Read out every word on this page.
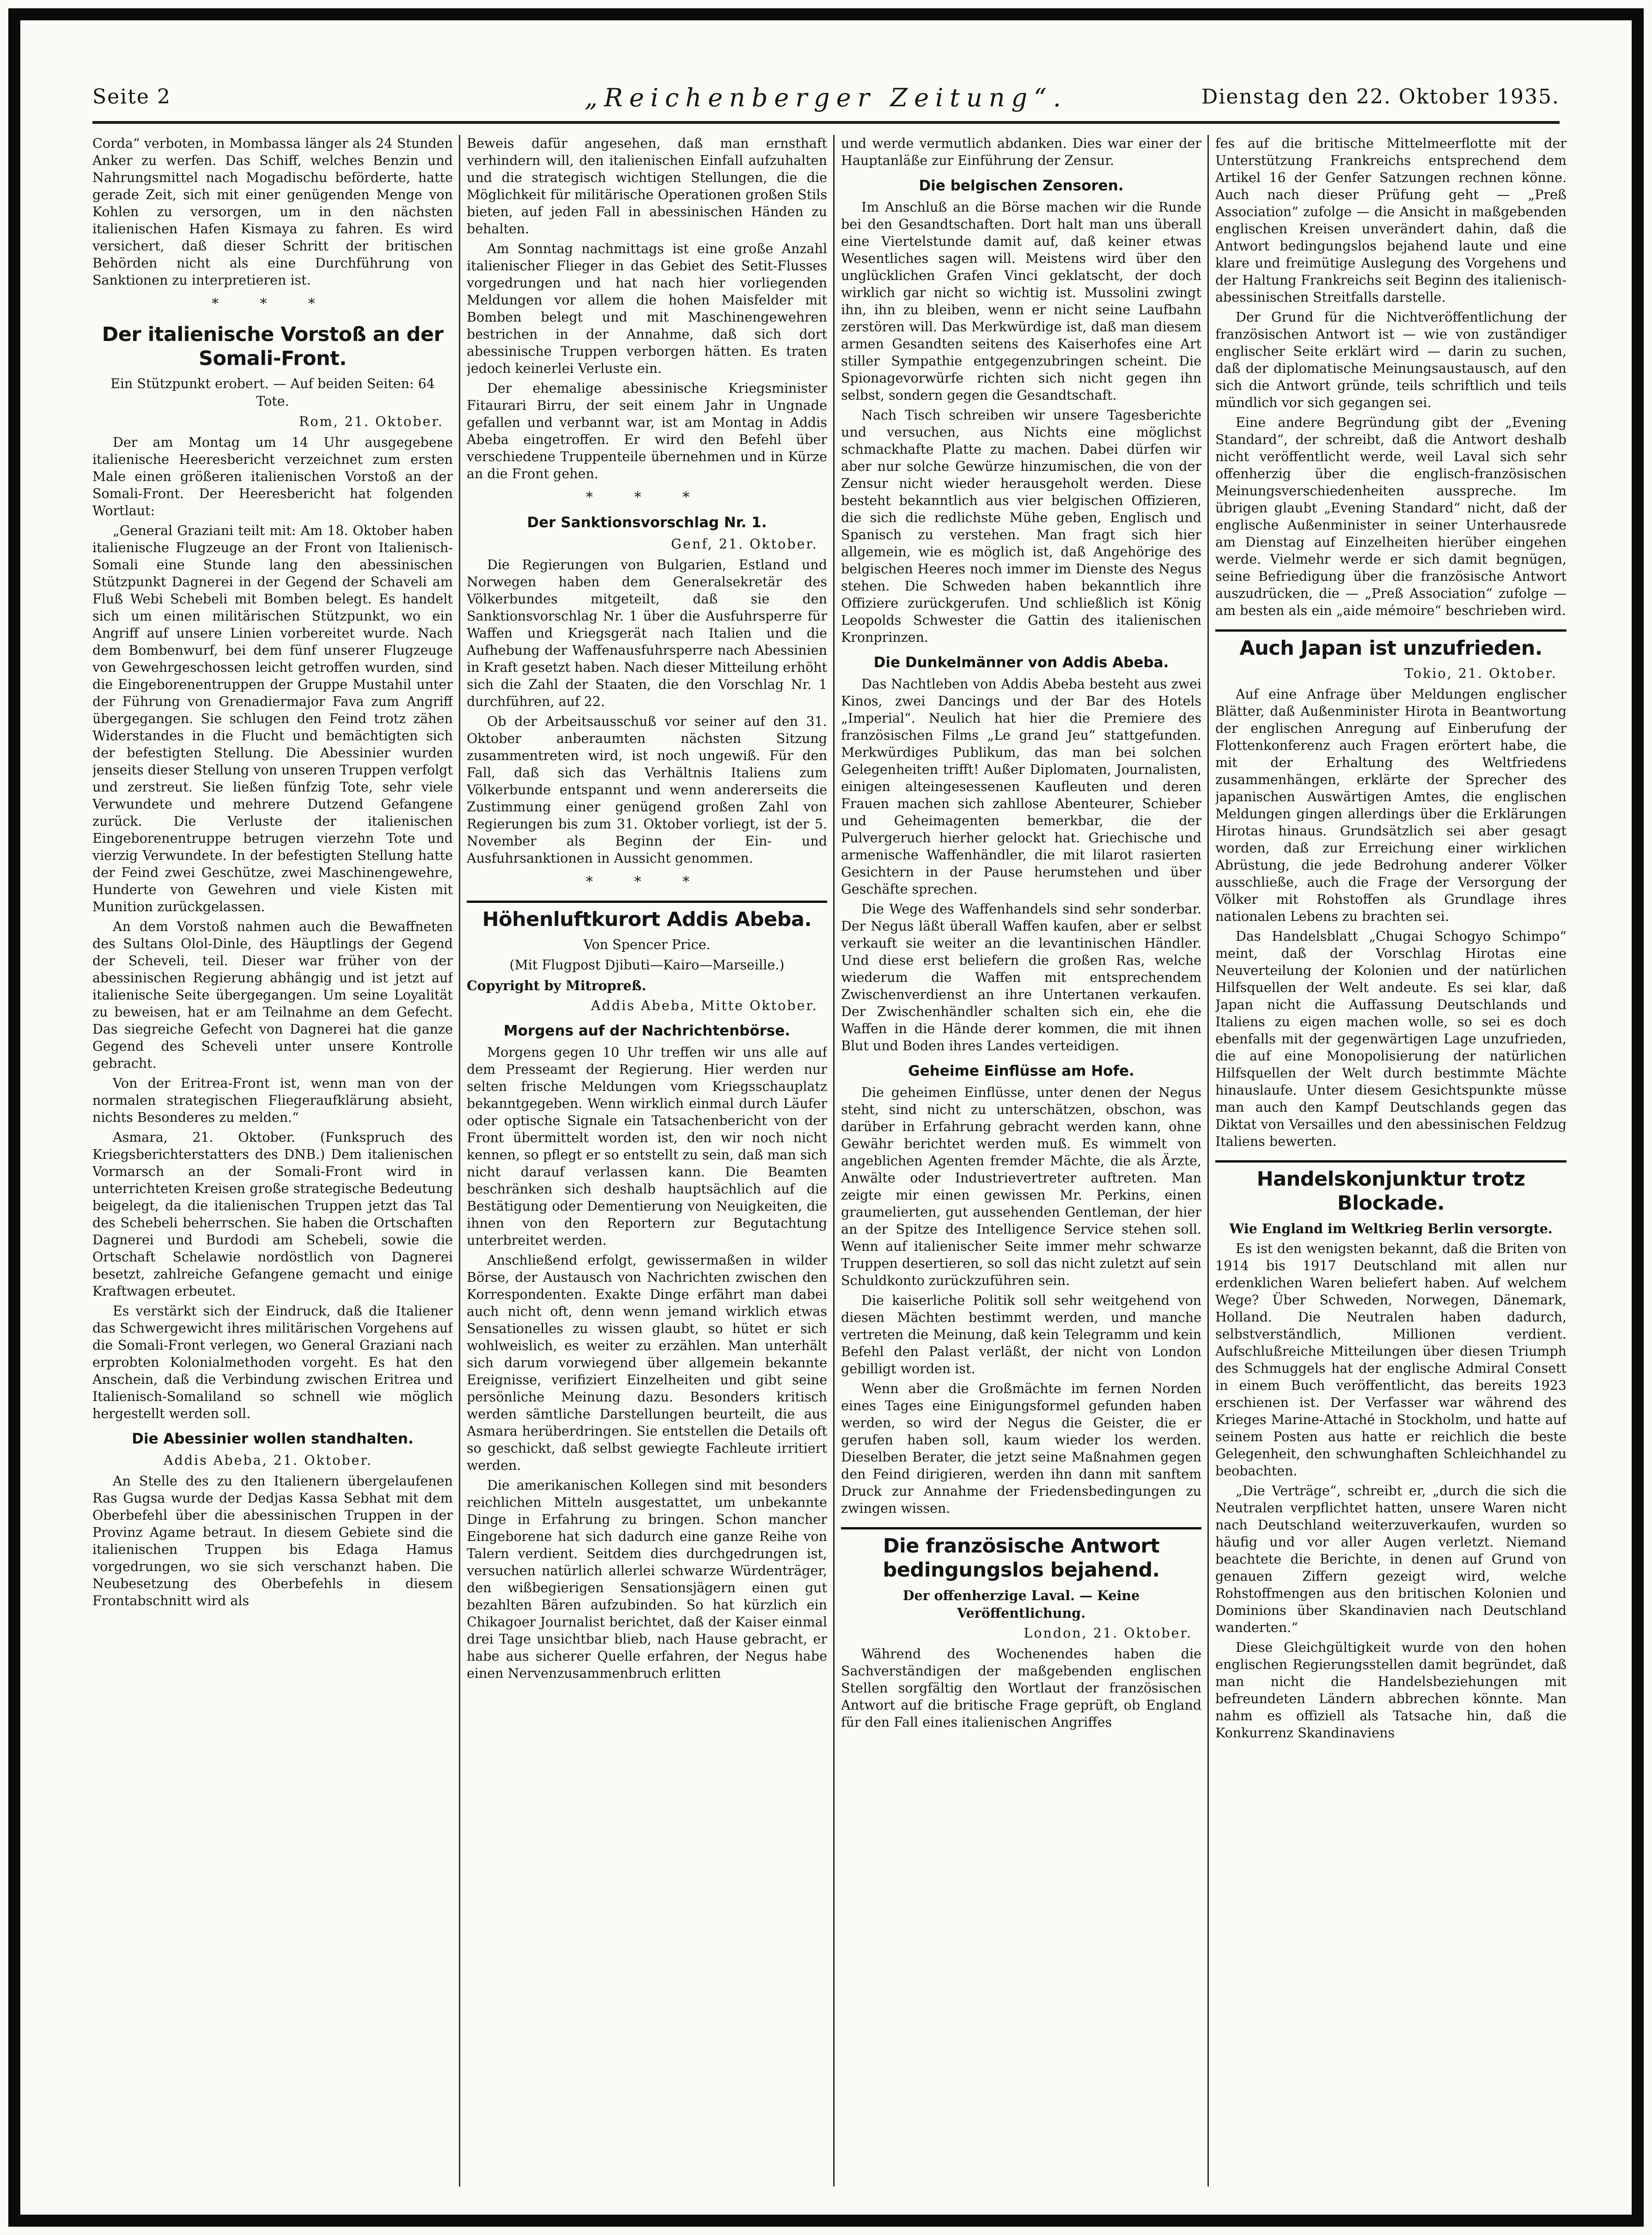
Seite 2	„Reichenberger Zeitung“.	Dienstag den 22. Oktober 1935.

Corda“ verboten, in Mombassa länger als 24 Stunden Anker zu werfen. Das Schiff, welches Benzin und Nahrungsmittel nach Mogadischu beförderte, hatte gerade Zeit, sich mit einer genügenden Menge von Kohlen zu versorgen, um in den nächsten italienischen Hafen Kismaya zu fahren. Es wird versichert, daß dieser Schritt der britischen Behörden nicht als eine Durchführung von Sanktionen zu interpretieren ist.

* * *
Der italienische Vorstoß an der Somali-Front.
Ein Stützpunkt erobert. — Auf beiden Seiten: 64 Tote.
Rom, 21. Oktober.

Der am Montag um 14 Uhr ausgegebene italienische Heeresbericht verzeichnet zum ersten Male einen größeren italienischen Vorstoß an der Somali-Front. Der Heeresbericht hat folgenden Wortlaut:

„General Graziani teilt mit: Am 18. Oktober haben italienische Flugzeuge an der Front von Italienisch-Somali eine Stunde lang den abessinischen Stützpunkt Dagnerei in der Gegend der Schaveli am Fluß Webi Schebeli mit Bomben belegt. Es handelt sich um einen militärischen Stützpunkt, wo ein Angriff auf unsere Linien vorbereitet wurde. Nach dem Bombenwurf, bei dem fünf unserer Flugzeuge von Gewehrgeschossen leicht getroffen wurden, sind die Eingeborenentruppen der Gruppe Mustahil unter der Führung von Grenadiermajor Fava zum Angriff übergegangen. Sie schlugen den Feind trotz zähen Widerstandes in die Flucht und bemächtigten sich der befestigten Stellung. Die Abessinier wurden jenseits dieser Stellung von unseren Truppen verfolgt und zerstreut. Sie ließen fünfzig Tote, sehr viele Verwundete und mehrere Dutzend Gefangene zurück. Die Verluste der italienischen Eingeborenentruppe betrugen vierzehn Tote und vierzig Verwundete. In der befestigten Stellung hatte der Feind zwei Geschütze, zwei Maschinengewehre, Hunderte von Gewehren und viele Kisten mit Munition zurückgelassen.

An dem Vorstoß nahmen auch die Bewaffneten des Sultans Olol-Dinle, des Häuptlings der Gegend der Scheveli, teil. Dieser war früher von der abessinischen Regierung abhängig und ist jetzt auf italienische Seite übergegangen. Um seine Loyalität zu beweisen, hat er am Teilnahme an dem Gefecht. Das siegreiche Gefecht von Dagnerei hat die ganze Gegend des Scheveli unter unsere Kontrolle gebracht.

Von der Eritrea-Front ist, wenn man von der normalen strategischen Fliegeraufklärung absieht, nichts Besonderes zu melden.“

Asmara, 21. Oktober. (Funkspruch des Kriegsberichterstatters des DNB.) Dem italienischen Vormarsch an der Somali-Front wird in unterrichteten Kreisen große strategische Bedeutung beigelegt, da die italienischen Truppen jetzt das Tal des Schebeli beherrschen. Sie haben die Ortschaften Dagnerei und Burdodi am Schebeli, sowie die Ortschaft Schelawie nordöstlich von Dagnerei besetzt, zahlreiche Gefangene gemacht und einige Kraftwagen erbeutet.

Es verstärkt sich der Eindruck, daß die Italiener das Schwergewicht ihres militärischen Vorgehens auf die Somali-Front verlegen, wo General Graziani nach erprobten Kolonialmethoden vorgeht. Es hat den Anschein, daß die Verbindung zwischen Eritrea und Italienisch-Somaliland so schnell wie möglich hergestellt werden soll.

Die Abessinier wollen standhalten.
Addis Abeba, 21. Oktober.

An Stelle des zu den Italienern übergelaufenen Ras Gugsa wurde der Dedjas Kassa Sebhat mit dem Oberbefehl über die abessinischen Truppen in der Provinz Agame betraut. In diesem Gebiete sind die italienischen Truppen bis Edaga Hamus vorgedrungen, wo sie sich verschanzt haben. Die Neubesetzung des Oberbefehls in diesem Frontabschnitt wird als

Beweis dafür angesehen, daß man ernsthaft verhindern will, den italienischen Einfall aufzuhalten und die strategisch wichtigen Stellungen, die die Möglichkeit für militärische Operationen großen Stils bieten, auf jeden Fall in abessinischen Händen zu behalten.

Am Sonntag nachmittags ist eine große Anzahl italienischer Flieger in das Gebiet des Setit-Flusses vorgedrungen und hat nach hier vorliegenden Meldungen vor allem die hohen Maisfelder mit Bomben belegt und mit Maschinengewehren bestrichen in der Annahme, daß sich dort abessinische Truppen verborgen hätten. Es traten jedoch keinerlei Verluste ein.

Der ehemalige abessinische Kriegsminister Fitaurari Birru, der seit einem Jahr in Ungnade gefallen und verbannt war, ist am Montag in Addis Abeba eingetroffen. Er wird den Befehl über verschiedene Truppenteile übernehmen und in Kürze an die Front gehen.

* * *
Der Sanktionsvorschlag Nr. 1.
Genf, 21. Oktober.

Die Regierungen von Bulgarien, Estland und Norwegen haben dem Generalsekretär des Völkerbundes mitgeteilt, daß sie den Sanktionsvorschlag Nr. 1 über die Ausfuhrsperre für Waffen und Kriegsgerät nach Italien und die Aufhebung der Waffenausfuhrsperre nach Abessinien in Kraft gesetzt haben. Nach dieser Mitteilung erhöht sich die Zahl der Staaten, die den Vorschlag Nr. 1 durchführen, auf 22.

Ob der Arbeitsausschuß vor seiner auf den 31. Oktober anberaumten nächsten Sitzung zusammentreten wird, ist noch ungewiß. Für den Fall, daß sich das Verhältnis Italiens zum Völkerbunde entspannt und wenn andererseits die Zustimmung einer genügend großen Zahl von Regierungen bis zum 31. Oktober vorliegt, ist der 5. November als Beginn der Ein- und Ausfuhrsanktionen in Aussicht genommen.

* * *
Höhenluftkurort Addis Abeba.
Von Spencer Price.
(Mit Flugpost Djibuti—Kairo—Marseille.)
Copyright by Mitropreß.
Addis Abeba, Mitte Oktober.
Morgens auf der Nachrichtenbörse.

Morgens gegen 10 Uhr treffen wir uns alle auf dem Presseamt der Regierung. Hier werden nur selten frische Meldungen vom Kriegsschauplatz bekanntgegeben. Wenn wirklich einmal durch Läufer oder optische Signale ein Tatsachenbericht von der Front übermittelt worden ist, den wir noch nicht kennen, so pflegt er so entstellt zu sein, daß man sich nicht darauf verlassen kann. Die Beamten beschränken sich deshalb hauptsächlich auf die Bestätigung oder Dementierung von Neuigkeiten, die ihnen von den Reportern zur Begutachtung unterbreitet werden.

Anschließend erfolgt, gewissermaßen in wilder Börse, der Austausch von Nachrichten zwischen den Korrespondenten. Exakte Dinge erfährt man dabei auch nicht oft, denn wenn jemand wirklich etwas Sensationelles zu wissen glaubt, so hütet er sich wohlweislich, es weiter zu erzählen. Man unterhält sich darum vorwiegend über allgemein bekannte Ereignisse, verifiziert Einzelheiten und gibt seine persönliche Meinung dazu. Besonders kritisch werden sämtliche Darstellungen beurteilt, die aus Asmara herüberdringen. Sie entstellen die Details oft so geschickt, daß selbst gewiegte Fachleute irritiert werden.

Die amerikanischen Kollegen sind mit besonders reichlichen Mitteln ausgestattet, um unbekannte Dinge in Erfahrung zu bringen. Schon mancher Eingeborene hat sich dadurch eine ganze Reihe von Talern verdient. Seitdem dies durchgedrungen ist, versuchen natürlich allerlei schwarze Würdenträger, den wißbegierigen Sensationsjägern einen gut bezahlten Bären aufzubinden. So hat kürzlich ein Chikagoer Journalist berichtet, daß der Kaiser einmal drei Tage unsichtbar blieb, nach Hause gebracht, er habe aus sicherer Quelle erfahren, der Negus habe einen Nervenzusammenbruch erlitten

und werde vermutlich abdanken. Dies war einer der Hauptanläße zur Einführung der Zensur.

Die belgischen Zensoren.

Im Anschluß an die Börse machen wir die Runde bei den Gesandtschaften. Dort halt man uns überall eine Viertelstunde damit auf, daß keiner etwas Wesentliches sagen will. Meistens wird über den unglücklichen Grafen Vinci geklatscht, der doch wirklich gar nicht so wichtig ist. Mussolini zwingt ihn, ihn zu bleiben, wenn er nicht seine Laufbahn zerstören will. Das Merkwürdige ist, daß man diesem armen Gesandten seitens des Kaiserhofes eine Art stiller Sympathie entgegenzubringen scheint. Die Spionagevorwürfe richten sich nicht gegen ihn selbst, sondern gegen die Gesandtschaft.

Nach Tisch schreiben wir unsere Tagesberichte und versuchen, aus Nichts eine möglichst schmackhafte Platte zu machen. Dabei dürfen wir aber nur solche Gewürze hinzumischen, die von der Zensur nicht wieder herausgeholt werden. Diese besteht bekanntlich aus vier belgischen Offizieren, die sich die redlichste Mühe geben, Englisch und Spanisch zu verstehen. Man fragt sich hier allgemein, wie es möglich ist, daß Angehörige des belgischen Heeres noch immer im Dienste des Negus stehen. Die Schweden haben bekanntlich ihre Offiziere zurückgerufen. Und schließlich ist König Leopolds Schwester die Gattin des italienischen Kronprinzen.

Die Dunkelmänner von Addis Abeba.

Das Nachtleben von Addis Abeba besteht aus zwei Kinos, zwei Dancings und der Bar des Hotels „Imperial“. Neulich hat hier die Premiere des französischen Films „Le grand Jeu“ stattgefunden. Merkwürdiges Publikum, das man bei solchen Gelegenheiten trifft! Außer Diplomaten, Journalisten, einigen alteingesessenen Kaufleuten und deren Frauen machen sich zahllose Abenteurer, Schieber und Geheimagenten bemerkbar, die der Pulvergeruch hierher gelockt hat. Griechische und armenische Waffenhändler, die mit lilarot rasierten Gesichtern in der Pause herumstehen und über Geschäfte sprechen.

Die Wege des Waffenhandels sind sehr sonderbar. Der Negus läßt überall Waffen kaufen, aber er selbst verkauft sie weiter an die levantinischen Händler. Und diese erst beliefern die großen Ras, welche wiederum die Waffen mit entsprechendem Zwischenverdienst an ihre Untertanen verkaufen. Der Zwischenhändler schalten sich ein, ehe die Waffen in die Hände derer kommen, die mit ihnen Blut und Boden ihres Landes verteidigen.

Geheime Einflüsse am Hofe.

Die geheimen Einflüsse, unter denen der Negus steht, sind nicht zu unterschätzen, obschon, was darüber in Erfahrung gebracht werden kann, ohne Gewähr berichtet werden muß. Es wimmelt von angeblichen Agenten fremder Mächte, die als Ärzte, Anwälte oder Industrievertreter auftreten. Man zeigte mir einen gewissen Mr. Perkins, einen graumelierten, gut aussehenden Gentleman, der hier an der Spitze des Intelligence Service stehen soll. Wenn auf italienischer Seite immer mehr schwarze Truppen desertieren, so soll das nicht zuletzt auf sein Schuldkonto zurückzuführen sein.

Die kaiserliche Politik soll sehr weitgehend von diesen Mächten bestimmt werden, und manche vertreten die Meinung, daß kein Telegramm und kein Befehl den Palast verläßt, der nicht von London gebilligt worden ist.

Wenn aber die Großmächte im fernen Norden eines Tages eine Einigungsformel gefunden haben werden, so wird der Negus die Geister, die er gerufen haben soll, kaum wieder los werden. Dieselben Berater, die jetzt seine Maßnahmen gegen den Feind dirigieren, werden ihn dann mit sanftem Druck zur Annahme der Friedensbedingungen zu zwingen wissen.

Die französische Antwort bedingungslos bejahend.
Der offenherzige Laval. — Keine Veröffentlichung.
London, 21. Oktober.

Während des Wochenendes haben die Sachverständigen der maßgebenden englischen Stellen sorgfältig den Wortlaut der französischen Antwort auf die britische Frage geprüft, ob England für den Fall eines italienischen Angriffes

fes auf die britische Mittelmeerflotte mit der Unterstützung Frankreichs entsprechend dem Artikel 16 der Genfer Satzungen rechnen könne. Auch nach dieser Prüfung geht — „Preß Association“ zufolge — die Ansicht in maßgebenden englischen Kreisen unverändert dahin, daß die Antwort bedingungslos bejahend laute und eine klare und freimütige Auslegung des Vorgehens und der Haltung Frankreichs seit Beginn des italienisch-abessinischen Streitfalls darstelle.

Der Grund für die Nichtveröffentlichung der französischen Antwort ist — wie von zuständiger englischer Seite erklärt wird — darin zu suchen, daß der diplomatische Meinungsaustausch, auf den sich die Antwort gründe, teils schriftlich und teils mündlich vor sich gegangen sei.

Eine andere Begründung gibt der „Evening Standard“, der schreibt, daß die Antwort deshalb nicht veröffentlicht werde, weil Laval sich sehr offenherzig über die englisch-französischen Meinungsverschiedenheiten ausspreche. Im übrigen glaubt „Evening Standard“ nicht, daß der englische Außenminister in seiner Unterhausrede am Dienstag auf Einzelheiten hierüber eingehen werde. Vielmehr werde er sich damit begnügen, seine Befriedigung über die französische Antwort auszudrücken, die — „Preß Association“ zufolge — am besten als ein „aide mémoire“ beschrieben wird.

Auch Japan ist unzufrieden.
Tokio, 21. Oktober.

Auf eine Anfrage über Meldungen englischer Blätter, daß Außenminister Hirota in Beantwortung der englischen Anregung auf Einberufung der Flottenkonferenz auch Fragen erörtert habe, die mit der Erhaltung des Weltfriedens zusammenhängen, erklärte der Sprecher des japanischen Auswärtigen Amtes, die englischen Meldungen gingen allerdings über die Erklärungen Hirotas hinaus. Grundsätzlich sei aber gesagt worden, daß zur Erreichung einer wirklichen Abrüstung, die jede Bedrohung anderer Völker ausschließe, auch die Frage der Versorgung der Völker mit Rohstoffen als Grundlage ihres nationalen Lebens zu brachten sei.

Das Handelsblatt „Chugai Schogyo Schimpo“ meint, daß der Vorschlag Hirotas eine Neuverteilung der Kolonien und der natürlichen Hilfsquellen der Welt andeute. Es sei klar, daß Japan nicht die Auffassung Deutschlands und Italiens zu eigen machen wolle, so sei es doch ebenfalls mit der gegenwärtigen Lage unzufrieden, die auf eine Monopolisierung der natürlichen Hilfsquellen der Welt durch bestimmte Mächte hinauslaufe. Unter diesem Gesichtspunkte müsse man auch den Kampf Deutschlands gegen das Diktat von Versailles und den abessinischen Feldzug Italiens bewerten.

Handelskonjunktur trotz Blockade.
Wie England im Weltkrieg Berlin versorgte.

Es ist den wenigsten bekannt, daß die Briten von 1914 bis 1917 Deutschland mit allen nur erdenklichen Waren beliefert haben. Auf welchem Wege? Über Schweden, Norwegen, Dänemark, Holland. Die Neutralen haben dadurch, selbstverständlich, Millionen verdient. Aufschlußreiche Mitteilungen über diesen Triumph des Schmuggels hat der englische Admiral Consett in einem Buch veröffentlicht, das bereits 1923 erschienen ist. Der Verfasser war während des Krieges Marine-Attaché in Stockholm, und hatte auf seinem Posten aus hatte er reichlich die beste Gelegenheit, den schwunghaften Schleichhandel zu beobachten.

„Die Verträge“, schreibt er, „durch die sich die Neutralen verpflichtet hatten, unsere Waren nicht nach Deutschland weiterzuverkaufen, wurden so häufig und vor aller Augen verletzt. Niemand beachtete die Berichte, in denen auf Grund von genauen Ziffern gezeigt wird, welche Rohstoffmengen aus den britischen Kolonien und Dominions über Skandinavien nach Deutschland wanderten.“

Diese Gleichgültigkeit wurde von den hohen englischen Regierungsstellen damit begründet, daß man nicht die Handelsbeziehungen mit befreundeten Ländern abbrechen könnte. Man nahm es offiziell als Tatsache hin, daß die Konkurrenz Skandinaviens
